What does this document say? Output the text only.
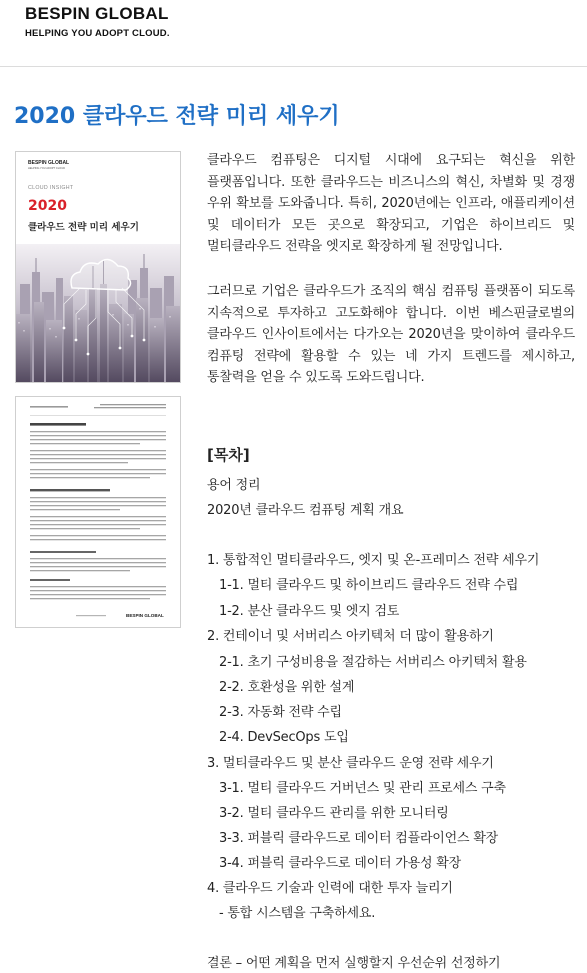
BESPIN GLOBAL
HELPING YOU ADOPT CLOUD.
2020 클라우드 전략 미리 세우기
BESPIN GLOBAL
HELPING YOU ADOPT CLOUD
CLOUD INSIGHT
2020
클라우드 전략 미리 세우기
BESPIN GLOBAL

클라우드 컴퓨팅은 디지털 시대에 요구되는 혁신을 위한 플랫폼입니다. 또한 클라우드는 비즈니스의 혁신, 차별화 및 경쟁 우위 확보를 도와줍니다. 특히, 2020년에는 인프라, 애플리케이션 및 데이터가 모든 곳으로 확장되고, 기업은 하이브리드 및 멀티클라우드 전략을 엣지로 확장하게 될 전망입니다.

그러므로 기업은 클라우드가 조직의 핵심 컴퓨팅 플랫폼이 되도록 지속적으로 투자하고 고도화해야 합니다. 이번 베스핀글로벌의 클라우드 인사이트에서는 다가오는 2020년을 맞이하여 클라우드 컴퓨팅 전략에 활용할 수 있는 네 가지 트렌드를 제시하고, 통찰력을 얻을 수 있도록 도와드립니다.

[목차]
용어 정리
2020년 클라우드 컴퓨팅 계획 개요
1. 통합적인 멀티클라우드, 엣지 및 온-프레미스 전략 세우기
1-1. 멀티 클라우드 및 하이브리드 클라우드 전략 수립
1-2. 분산 클라우드 및 엣지 검토
2. 컨테이너 및 서버리스 아키텍처 더 많이 활용하기
2-1. 초기 구성비용을 절감하는 서버리스 아키텍처 활용
2-2. 호환성을 위한 설계
2-3. 자동화 전략 수립
2-4. DevSecOps 도입
3. 멀티클라우드 및 분산 클라우드 운영 전략 세우기
3-1. 멀티 클라우드 거버넌스 및 관리 프로세스 구축
3-2. 멀티 클라우드 관리를 위한 모니터링
3-3. 퍼블릭 클라우드로 데이터 컴플라이언스 확장
3-4. 퍼블릭 클라우드로 데이터 가용성 확장
4. 클라우드 기술과 인력에 대한 투자 늘리기
- 통합 시스템을 구축하세요.
결론 – 어떤 계획을 먼저 실행할지 우선순위 선정하기
